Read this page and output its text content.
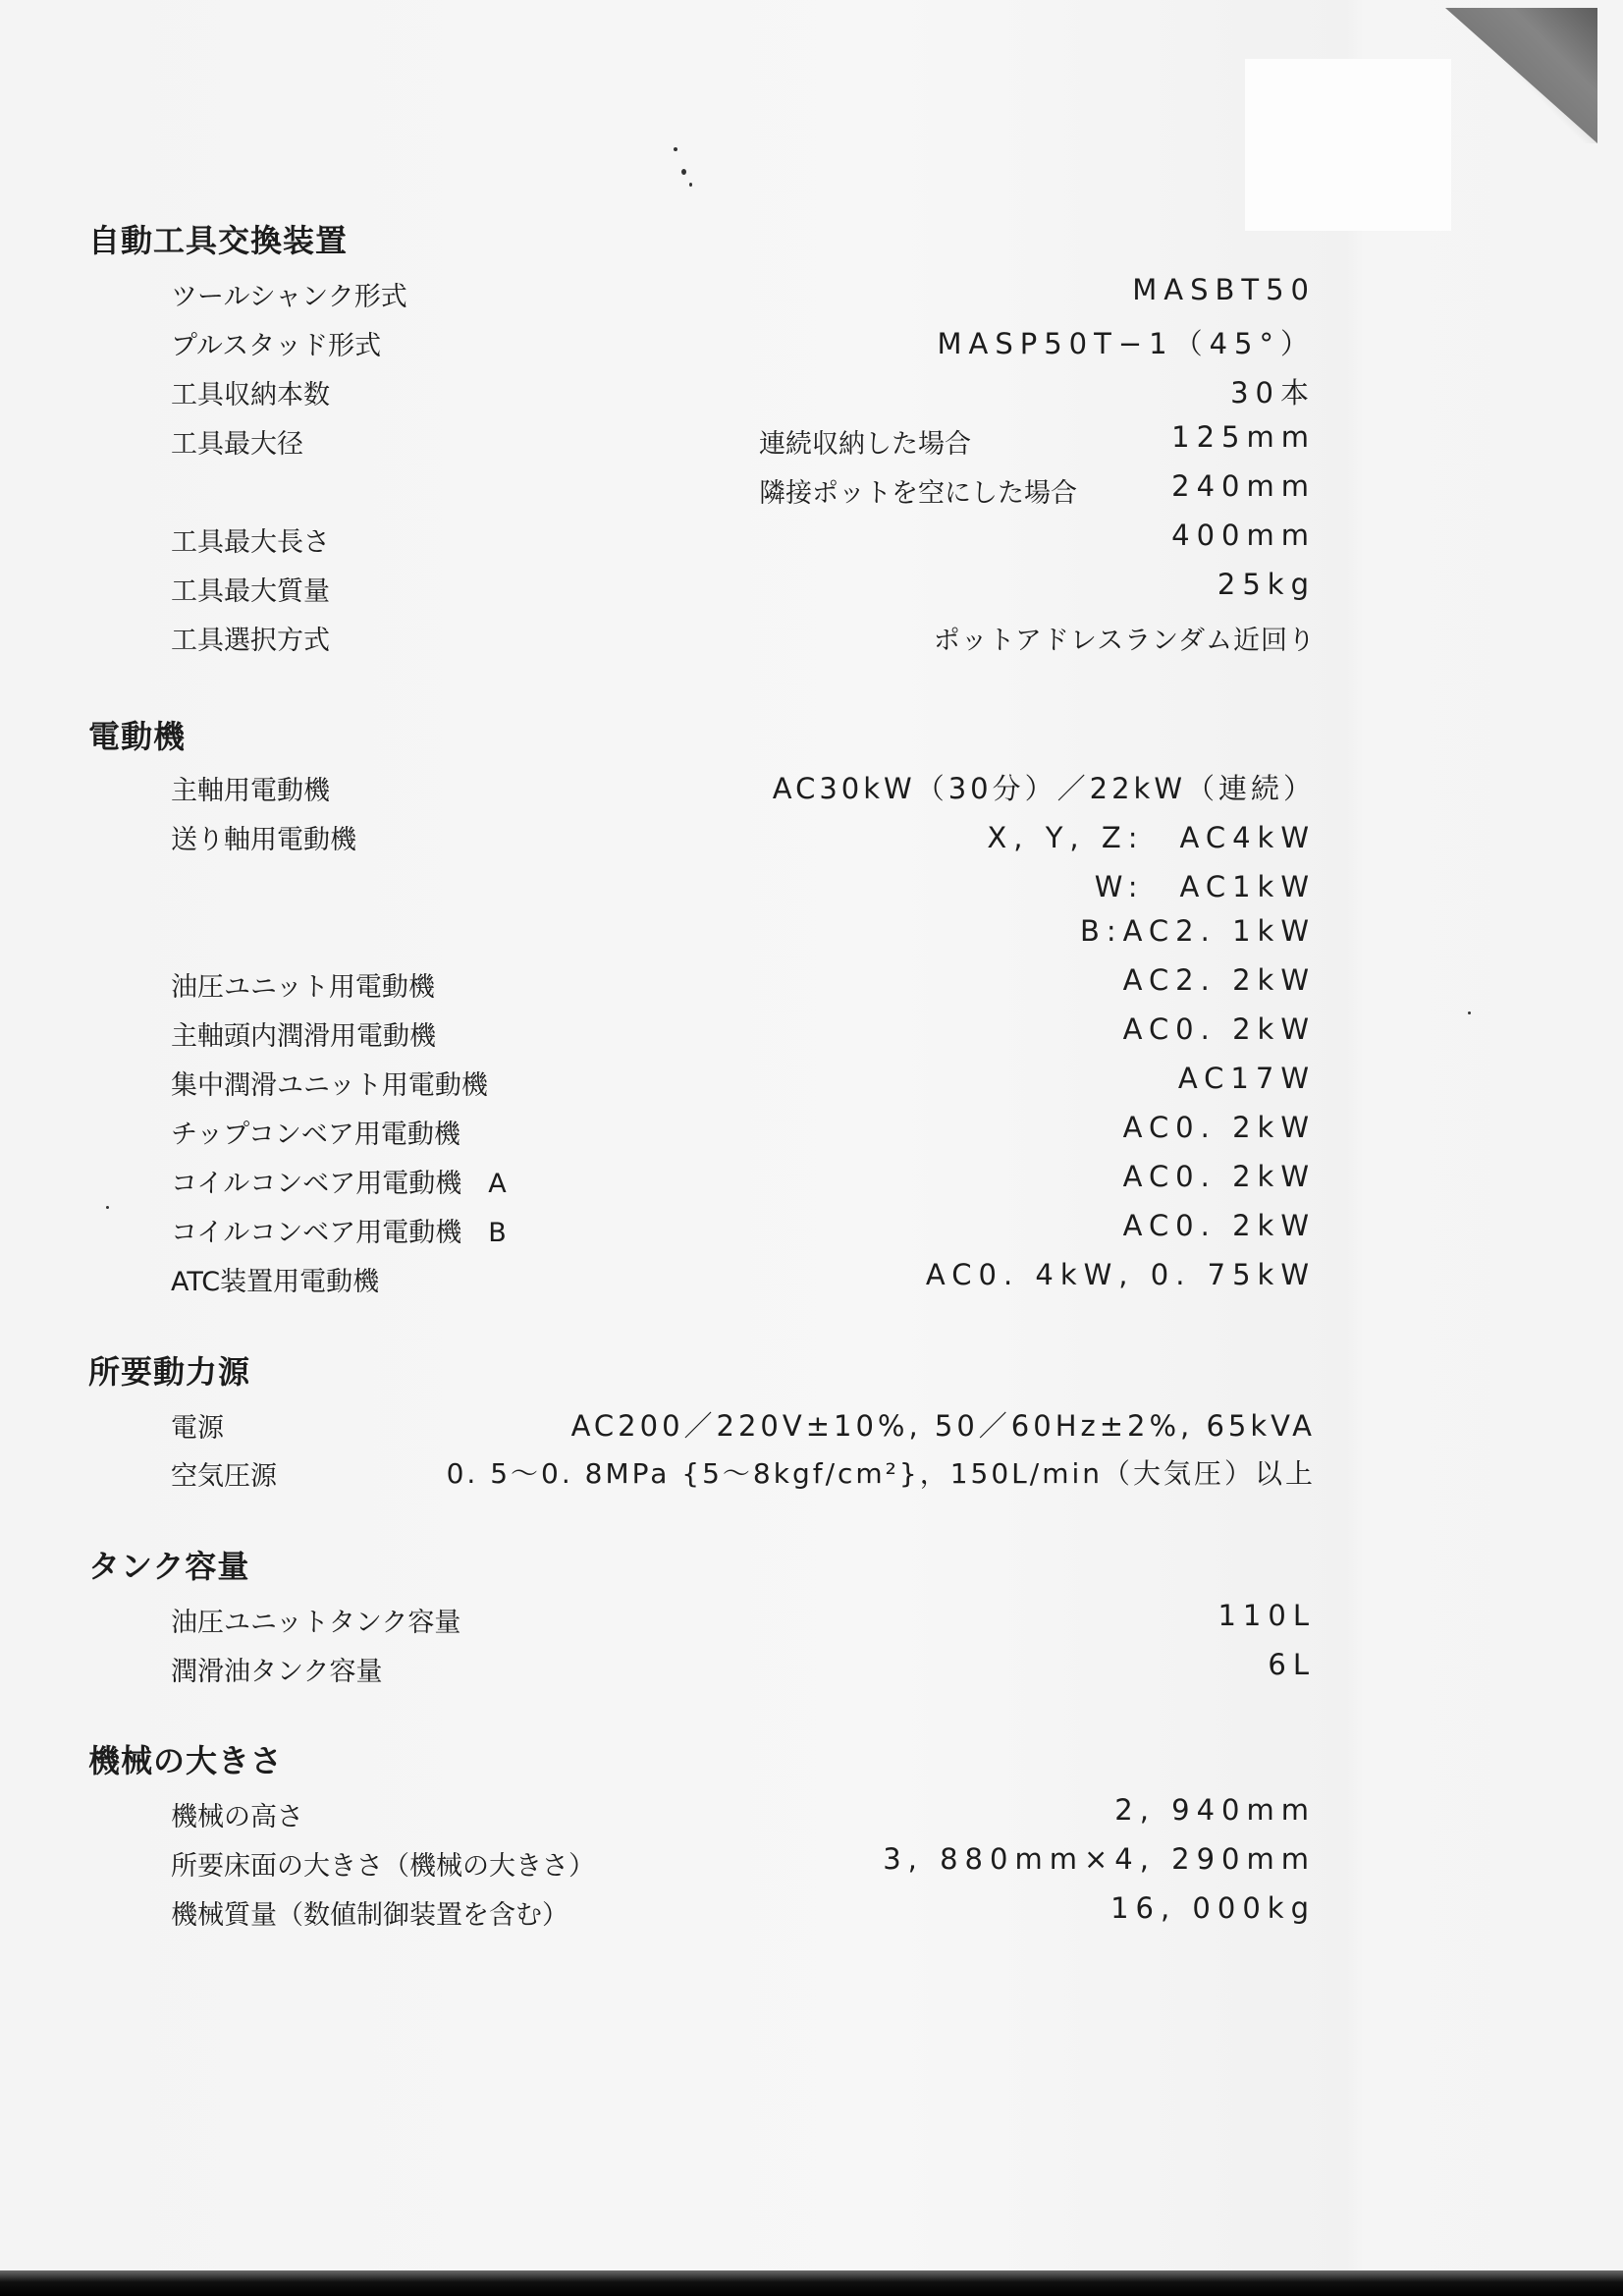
自動工具交換装置
ツールシャンク形式	MASBT50
プルスタッド形式	MASP50T−1（45°）
工具収納本数	30本
工具最大径	連続収納した場合	125mm
隣接ポットを空にした場合	240mm
工具最大長さ	400mm
工具最大質量	25kg
工具選択方式	ポットアドレスランダム近回り
電動機
主軸用電動機	AC30kW（30分）／22kW（連続）
送り軸用電動機	X, Y, Z:　AC4kW
W:　AC1kW
B:AC2. 1kW
油圧ユニット用電動機	AC2. 2kW
主軸頭内潤滑用電動機	AC0. 2kW
集中潤滑ユニット用電動機	AC17W
チップコンベア用電動機	AC0. 2kW
コイルコンベア用電動機　A	AC0. 2kW
コイルコンベア用電動機　B	AC0. 2kW
ATC装置用電動機	AC0. 4kW, 0. 75kW
所要動力源
電源	AC200／220V±10%, 50／60Hz±2%, 65kVA
空気圧源	0. 5〜0. 8MPa {5〜8kgf/cm²}，150L/min（大気圧）以上
タンク容量
油圧ユニットタンク容量	110L
潤滑油タンク容量	6L
機械の大きさ
機械の高さ	2, 940mm
所要床面の大きさ（機械の大きさ）	3, 880mm×4, 290mm
機械質量（数値制御装置を含む）	16, 000kg
